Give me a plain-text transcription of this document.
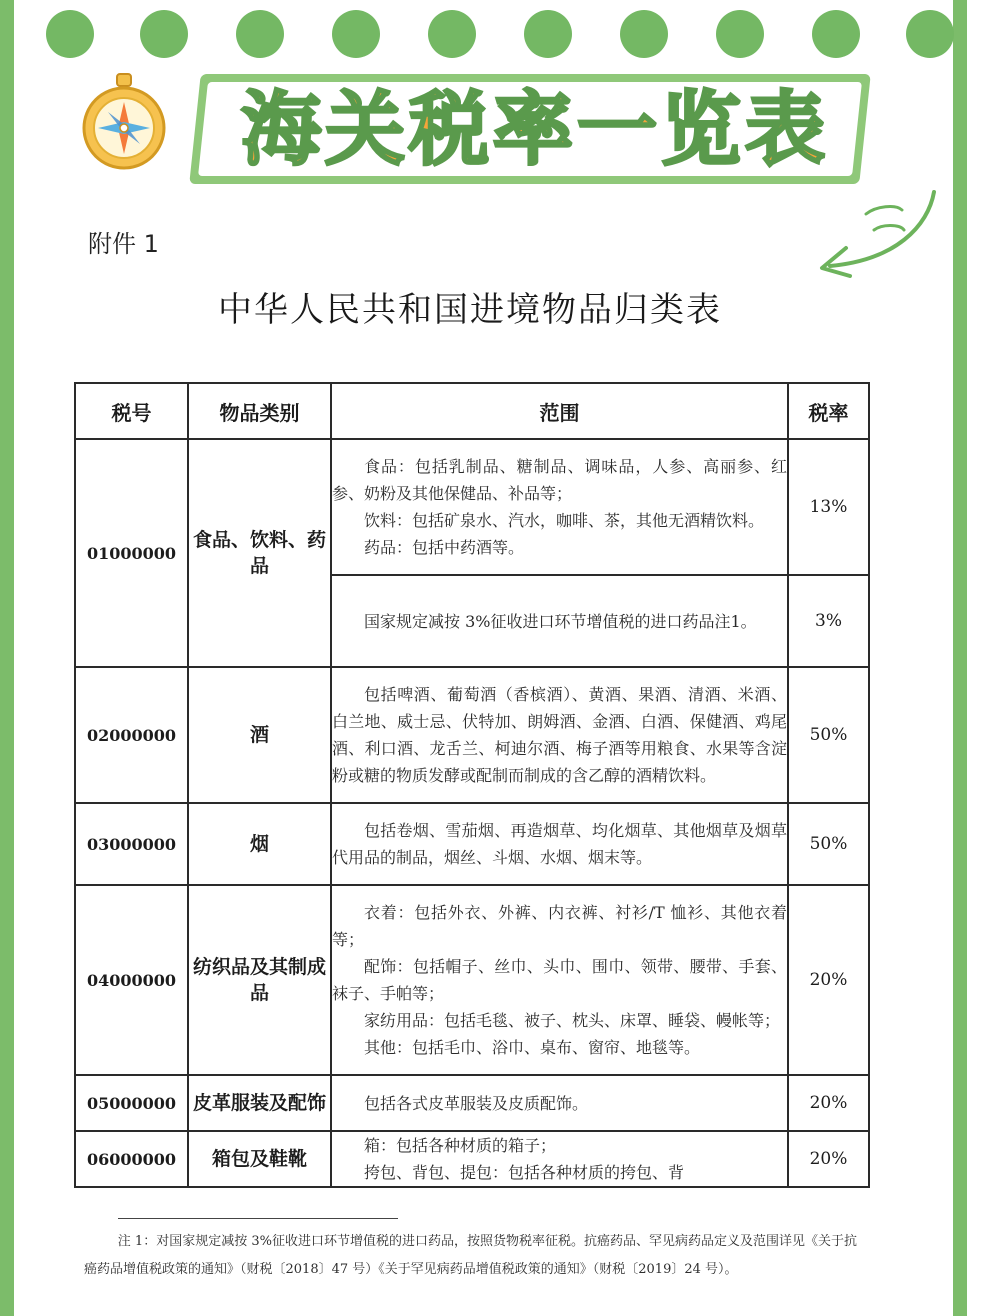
海关税率一览表
附件 1
中华人民共和国进境物品归类表
税号	物品类别	范围	税率
01000000	食品、饮料、药品	食品：包括乳制品、糖制品、调味品，人参、高丽参、红参、奶粉及其他保健品、补品等；

饮料：包括矿泉水、汽水，咖啡、茶，其他无酒精饮料。

药品：包括中药酒等。	13%

		国家规定减按 3%征收进口环节增值税的进口药品注1。	3%
02000000	酒	包括啤酒、葡萄酒（香槟酒）、黄酒、果酒、清酒、米酒、白兰地、威士忌、伏特加、朗姆酒、金酒、白酒、保健酒、鸡尾酒、利口酒、龙舌兰、柯迪尔酒、梅子酒等用粮食、水果等含淀粉或糖的物质发酵或配制而制成的含乙醇的酒精饮料。	50%
03000000	烟	包括卷烟、雪茄烟、再造烟草、均化烟草、其他烟草及烟草代用品的制品，烟丝、斗烟、水烟、烟末等。	50%
04000000	纺织品及其制成品	衣着：包括外衣、外裤、内衣裤、衬衫/T 恤衫、其他衣着等；

配饰：包括帽子、丝巾、头巾、围巾、领带、腰带、手套、袜子、手帕等；

家纺用品：包括毛毯、被子、枕头、床罩、睡袋、幔帐等；

其他：包括毛巾、浴巾、桌布、窗帘、地毯等。	20%
05000000	皮革服装及配饰	包括各式皮革服装及皮质配饰。	20%
06000000	箱包及鞋靴	箱：包括各种材质的箱子；

挎包、背包、提包：包括各种材质的挎包、背	20%
注 1：对国家规定减按 3%征收进口环节增值税的进口药品，按照货物税率征税。抗癌药品、罕见病药品定义及范围详见《关于抗癌药品增值税政策的通知》（财税〔2018〕47 号）《关于罕见病药品增值税政策的通知》（财税〔2019〕24 号）。
